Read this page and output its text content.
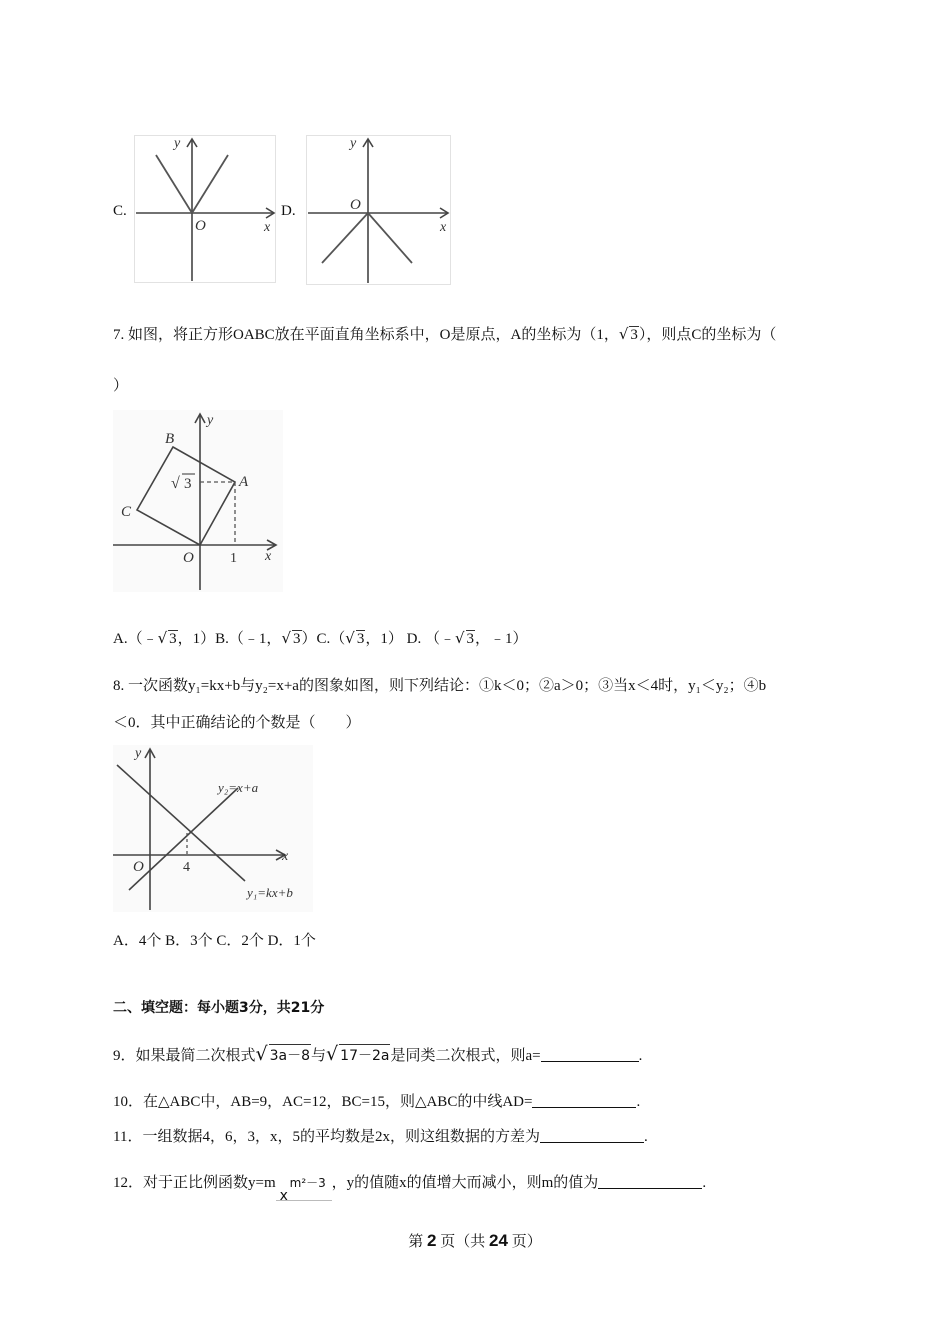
C.
y
x
O
D.
y
x
O
7. 如图，将正方形OABC放在平面直角坐标系中，O是原点，A的坐标为（1，√ 3），则点C的坐标为（
）
B
C
A
O	x
y
1
√ 3
A.（﹣√ 3，1）B.（﹣1，√ 3）C.（√ 3，1） D. （﹣√ 3，﹣1）
8. 一次函数y₁=kx+b与y₂=x+a的图象如图，则下列结论：①k＜0；②a＞0；③当x＜4时，y₁＜y₂；④b
＜0．其中正确结论的个数是（　　）
y₂=x+a
y₁=kx+b
x
y
O	4
A．4个 B．3个 C．2个 D．1个
二、填空题：每小题3分，共21分
9．如果最简二次根式√ 3a－8与√ 17－2a是同类二次根式，则a=	.
10．在△ABC中，AB=9，AC=12，BC=15，则△ABC的中线AD=	.
11．一组数据4，6，3，x，5的平均数是2x，则这组数据的方差为	.
12．对于正比例函数y=m
x
m²－3 ，y的值随x的值增大而减小，则m的值为	.
第 2 页（共 24 页）
